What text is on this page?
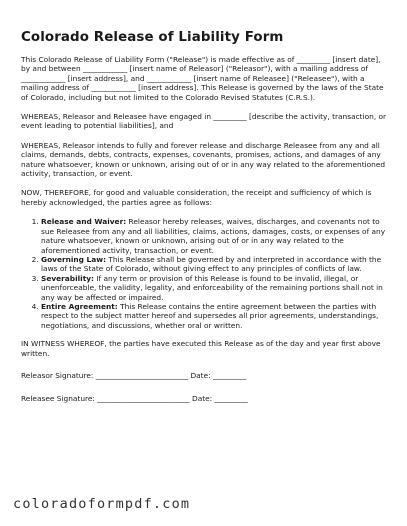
Colorado Release of Liability Form

This Colorado Release of Liability Form ("Release") is made effective as of _________ [insert date], by and between ____________ [insert name of Releasor] ("Releasor"), with a mailing address of ____________ [insert address], and ____________ [insert name of Releasee] ("Releasee"), with a mailing address of ____________ [insert address]. This Release is governed by the laws of the State of Colorado, including but not limited to the Colorado Revised Statutes (C.R.S.).

WHEREAS, Releasor and Releasee have engaged in _________ [describe the activity, transaction, or event leading to potential liabilities], and

WHEREAS, Releasor intends to fully and forever release and discharge Releasee from any and all claims, demands, debts, contracts, expenses, covenants, promises, actions, and damages of any nature whatsoever, known or unknown, arising out of or in any way related to the aforementioned activity, transaction, or event.

NOW, THEREFORE, for good and valuable consideration, the receipt and sufficiency of which is hereby acknowledged, the parties agree as follows:

1. Release and Waiver: Releasor hereby releases, waives, discharges, and covenants not to sue Releasee from any and all liabilities, claims, actions, damages, costs, or expenses of any nature whatsoever, known or unknown, arising out of or in any way related to the aforementioned activity, transaction, or event.
2. Governing Law: This Release shall be governed by and interpreted in accordance with the laws of the State of Colorado, without giving effect to any principles of conflicts of law.
3. Severability: If any term or provision of this Release is found to be invalid, illegal, or unenforceable, the validity, legality, and enforceability of the remaining portions shall not in any way be affected or impaired.
4. Entire Agreement: This Release contains the entire agreement between the parties with respect to the subject matter hereof and supersedes all prior agreements, understandings, negotiations, and discussions, whether oral or written.

IN WITNESS WHEREOF, the parties have executed this Release as of the day and year first above written.

Releasor Signature: _________________________ Date: _________
Releasee Signature: _________________________ Date: _________
coloradoformpdf.com
